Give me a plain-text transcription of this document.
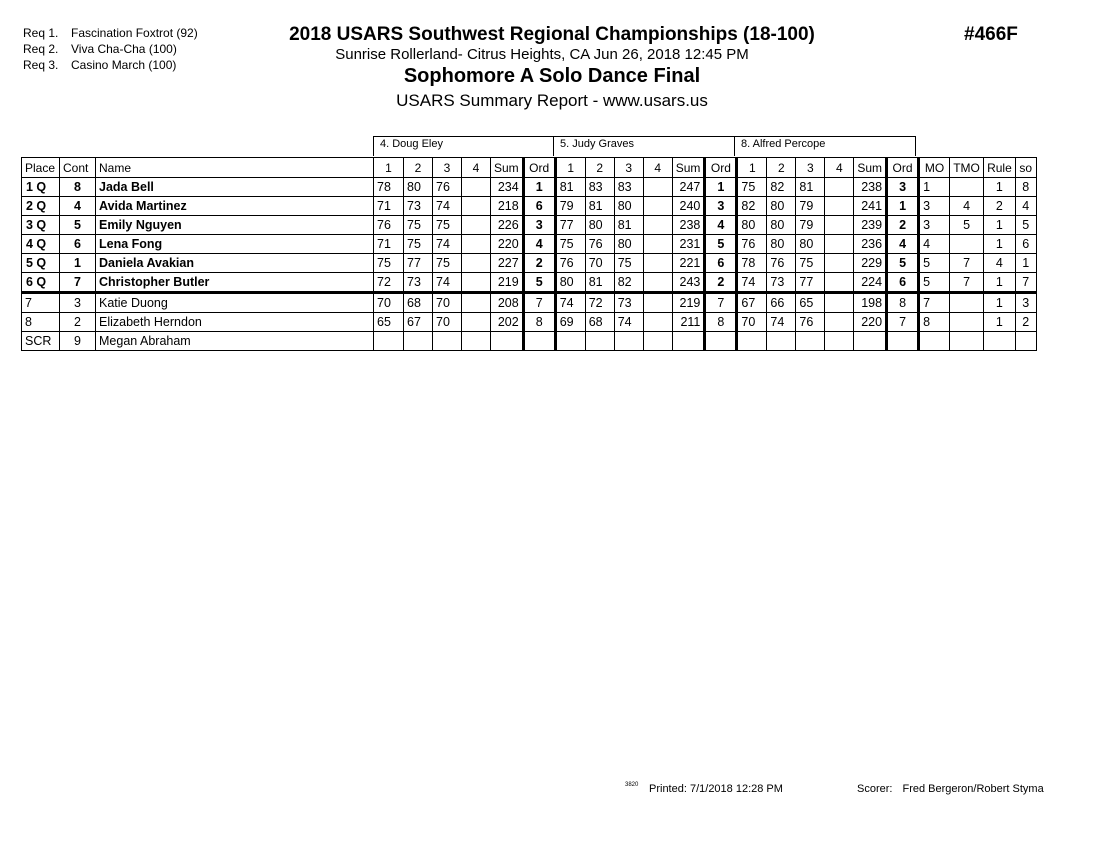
Req 1. Fascination Foxtrot (92)
Req 2. Viva Cha-Cha (100)
Req 3. Casino March (100)
2018 USARS Southwest Regional Championships (18-100)	#466F
Sunrise Rollerland- Citrus Heights, CA Jun 26, 2018 12:45 PM
Sophomore A Solo Dance Final
USARS Summary Report - www.usars.us
4. Doug Eley	5. Judy Graves	8. Alfred Percope
Place	Cont	Name	1	2	3	4	Sum	Ord	1	2	3	4	Sum	Ord	1	2	3	4	Sum	Ord	MO	TMO	Rule	so
1 Q	8	Jada Bell	78	80	76		234	1	81	83	83		247	1	75	82	81		238	3	1		1	8
2 Q	4	Avida Martinez	71	73	74		218	6	79	81	80		240	3	82	80	79		241	1	3	4	2	4
3 Q	5	Emily Nguyen	76	75	75		226	3	77	80	81		238	4	80	80	79		239	2	3	5	1	5
4 Q	6	Lena Fong	71	75	74		220	4	75	76	80		231	5	76	80	80		236	4	4		1	6
5 Q	1	Daniela Avakian	75	77	75		227	2	76	70	75		221	6	78	76	75		229	5	5	7	4	1
6 Q	7	Christopher Butler	72	73	74		219	5	80	81	82		243	2	74	73	77		224	6	5	7	1	7
7	3	Katie Duong	70	68	70		208	7	74	72	73		219	7	67	66	65		198	8	7		1	3
8	2	Elizabeth Herndon	65	67	70		202	8	69	68	74		211	8	70	74	76		220	7	8		1	2
SCR	9	Megan Abraham																						
3820 Printed: 7/1/2018 12:28 PM	Scorer: Fred Bergeron/Robert Styma
